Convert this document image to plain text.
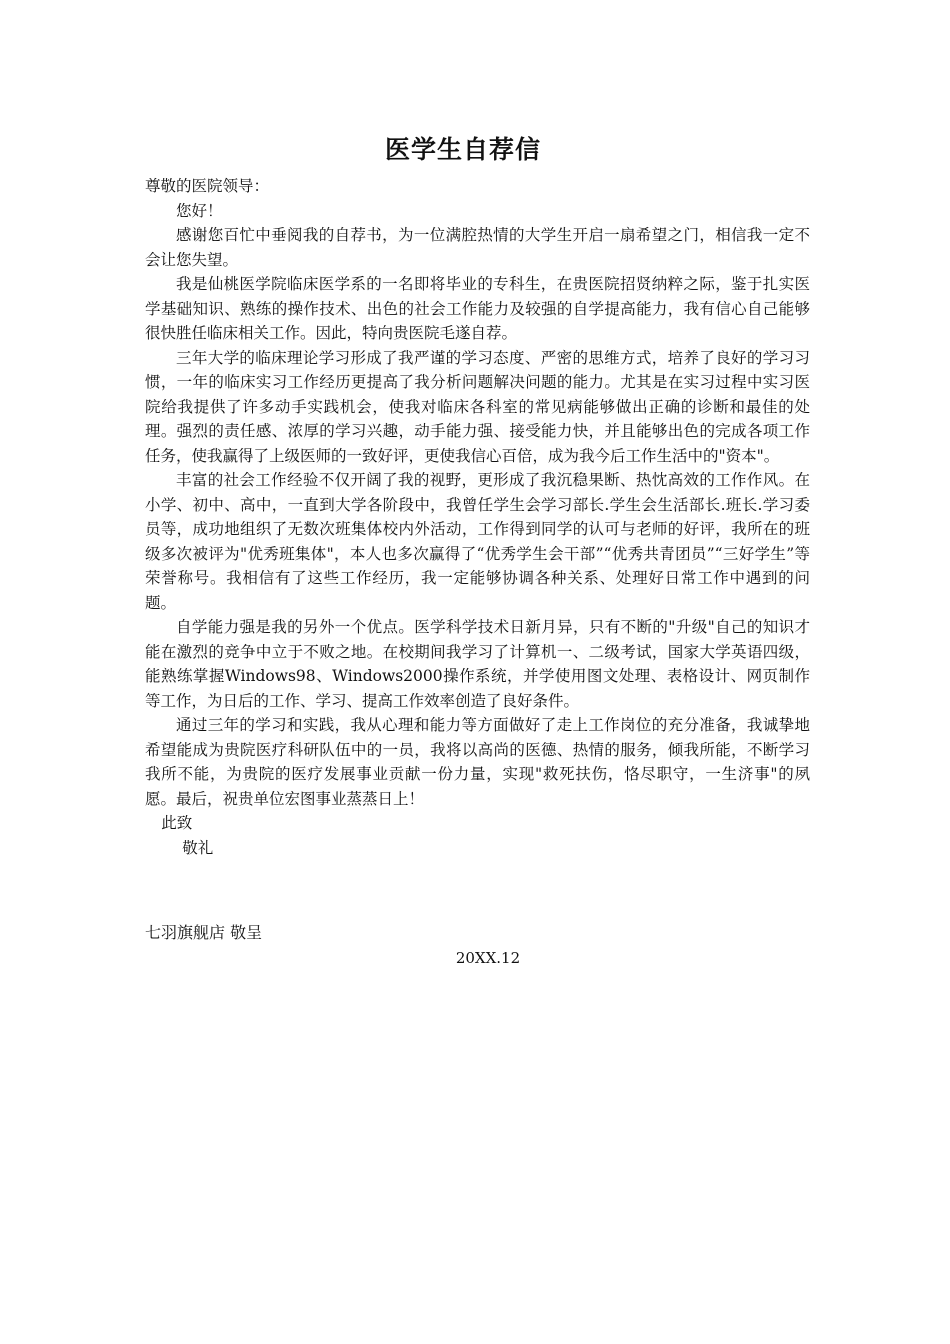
医学生自荐信

尊敬的医院领导：

您好！

感谢您百忙中垂阅我的自荐书，为一位满腔热情的大学生开启一扇希望之门，相信我一定不会让您失望。

我是仙桃医学院临床医学系的一名即将毕业的专科生，在贵医院招贤纳粹之际，鉴于扎实医学基础知识、熟练的操作技术、出色的社会工作能力及较强的自学提高能力，我有信心自己能够很快胜任临床相关工作。因此，特向贵医院毛遂自荐。

三年大学的临床理论学习形成了我严谨的学习态度、严密的思维方式，培养了良好的学习习惯，一年的临床实习工作经历更提高了我分析问题解决问题的能力。尤其是在实习过程中实习医院给我提供了许多动手实践机会，使我对临床各科室的常见病能够做出正确的诊断和最佳的处理。强烈的责任感、浓厚的学习兴趣，动手能力强、接受能力快，并且能够出色的完成各项工作任务，使我赢得了上级医师的一致好评，更使我信心百倍，成为我今后工作生活中的"资本"。

丰富的社会工作经验不仅开阔了我的视野，更形成了我沉稳果断、热忱高效的工作作风。在小学、初中、高中，一直到大学各阶段中，我曾任学生会学习部长.学生会生活部长.班长.学习委员等，成功地组织了无数次班集体校内外活动，工作得到同学的认可与老师的好评，我所在的班级多次被评为"优秀班集体"，本人也多次赢得了“优秀学生会干部”“优秀共青团员”“三好学生”等荣誉称号。我相信有了这些工作经历，我一定能够协调各种关系、处理好日常工作中遇到的问题。

自学能力强是我的另外一个优点。医学科学技术日新月异，只有不断的"升级"自己的知识才能在激烈的竞争中立于不败之地。在校期间我学习了计算机一、二级考试，国家大学英语四级，能熟练掌握Windows98、Windows2000操作系统，并学使用图文处理、表格设计、网页制作等工作，为日后的工作、学习、提高工作效率创造了良好条件。

通过三年的学习和实践，我从心理和能力等方面做好了走上工作岗位的充分准备，我诚挚地希望能成为贵院医疗科研队伍中的一员，我将以高尚的医德、热情的服务，倾我所能，不断学习我所不能，为贵院的医疗发展事业贡献一份力量，实现"救死扶伤，恪尽职守，一生济事"的夙愿。最后，祝贵单位宏图事业蒸蒸日上！

此致

敬礼

七羽旗舰店 敬呈
20XX.12
